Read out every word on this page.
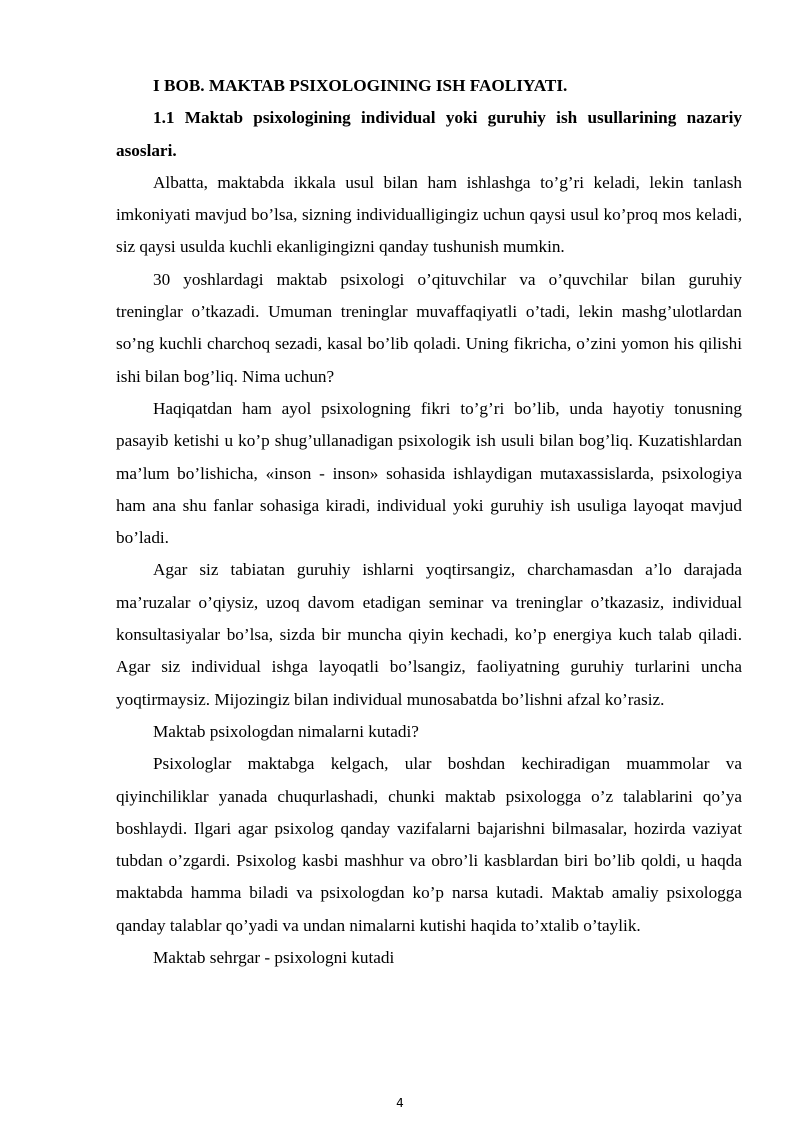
I BOB. MAKTAB PSIXOLOGINING ISH FAOLIYATI.

1.1 Maktab psixologining individual yoki guruhiy ish usullarining nazariy asoslari.

Albatta, maktabda ikkala usul bilan ham ishlashga to’g’ri keladi, lekin tanlash imkoniyati mavjud bo’lsa, sizning individualligingiz uchun qaysi usul ko’proq mos keladi, siz qaysi usulda kuchli ekanligingizni qanday tushunish mumkin.

30 yoshlardagi maktab psixologi o’qituvchilar va o’quvchilar bilan guruhiy treninglar o’tkazadi. Umuman treninglar muvaffaqiyatli o’tadi, lekin mashg’ulotlardan so’ng kuchli charchoq sezadi, kasal bo’lib qoladi. Uning fikricha, o’zini yomon his qilishi ishi bilan bog’liq. Nima uchun?

Haqiqatdan ham ayol psixologning fikri to’g’ri bo’lib, unda hayotiy tonusning pasayib ketishi u ko’p shug’ullanadigan psixologik ish usuli bilan bog’liq. Kuzatishlardan ma’lum bo’lishicha, «inson - inson» sohasida ishlaydigan mutaxassislarda, psixologiya ham ana shu fanlar sohasiga kiradi, individual yoki guruhiy ish usuliga layoqat mavjud bo’ladi.

Agar siz tabiatan guruhiy ishlarni yoqtirsangiz, charchamasdan a’lo darajada ma’ruzalar o’qiysiz, uzoq davom etadigan seminar va treninglar o’tkazasiz, individual konsultasiyalar bo’lsa, sizda bir muncha qiyin kechadi, ko’p energiya kuch talab qiladi. Agar siz individual ishga layoqatli bo’lsangiz, faoliyatning guruhiy turlarini uncha yoqtirmaysiz. Mijozingiz bilan individual munosabatda bo’lishni afzal ko’rasiz.

Maktab psixologdan nimalarni kutadi?

Psixologlar maktabga kelgach, ular boshdan kechiradigan muammolar va qiyinchiliklar yanada chuqurlashadi, chunki maktab psixologga o’z talablarini qo’ya boshlaydi. Ilgari agar psixolog qanday vazifalarni bajarishni bilmasalar, hozirda vaziyat tubdan o’zgardi. Psixolog kasbi mashhur va obro’li kasblardan biri bo’lib qoldi, u haqda maktabda hamma biladi va psixologdan ko’p narsa kutadi. Maktab amaliy psixologga qanday talablar qo’yadi va undan nimalarni kutishi haqida to’xtalib o’taylik.

Maktab sehrgar - psixologni kutadi

4
